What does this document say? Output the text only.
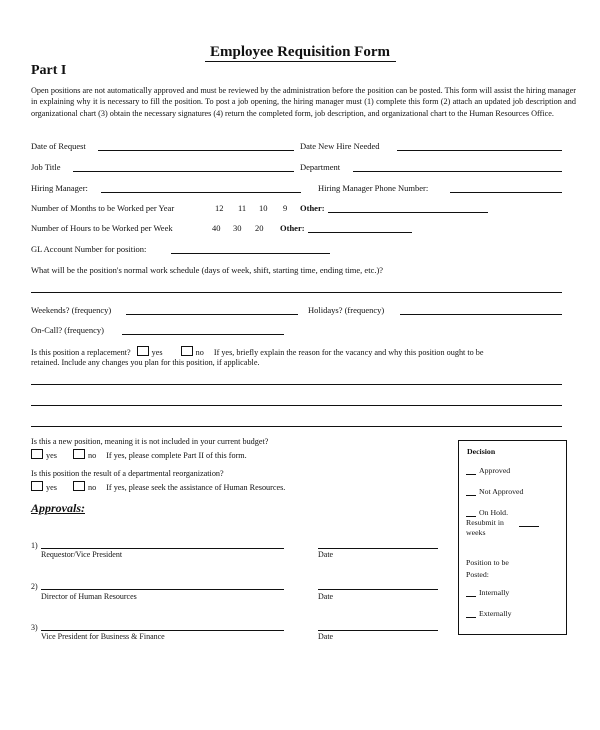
Employee Requisition Form
Part I
Open positions are not automatically approved and must be reviewed by the administration before the position can be posted. This form will assist the hiring manager in explaining why it is necessary to fill the position. To post a job opening, the hiring manager must (1) complete this form (2) attach an updated job description and organizational chart (3) obtain the necessary signatures (4) return the completed form, job description, and organizational chart to the Human Resources Office.
Date of Request	Date New Hire Needed
Job Title	Department
Hiring Manager:	Hiring Manager Phone Number:
Number of Months to be Worked per Year	12 11 10 9 Other:
Number of Hours to be Worked per Week	40 30 20 Other:
GL Account Number for position:
What will be the position's normal work schedule (days of week, shift, starting time, ending time, etc.)?
Weekends? (frequency)	Holidays? (frequency)
On-Call? (frequency)
Is this position a replacement?	yes	no If yes, briefly explain the reason for the vacancy and why this position ought to be
retained. Include any changes you plan for this position, if applicable.
Is this a new position, meaning it is not included in your current budget?
yes	no If yes, please complete Part II of this form.
Is this position the result of a departmental reorganization?
yes	no If yes, please seek the assistance of Human Resources.
Approvals:
1)
Requestor/Vice President	Date
2)
Director of Human Resources	Date
3)
Vice President for Business & Finance	Date
Decision
Approved
Not Approved
On Hold.
Resubmit in
weeks
Position to be
Posted:
Internally
Externally
